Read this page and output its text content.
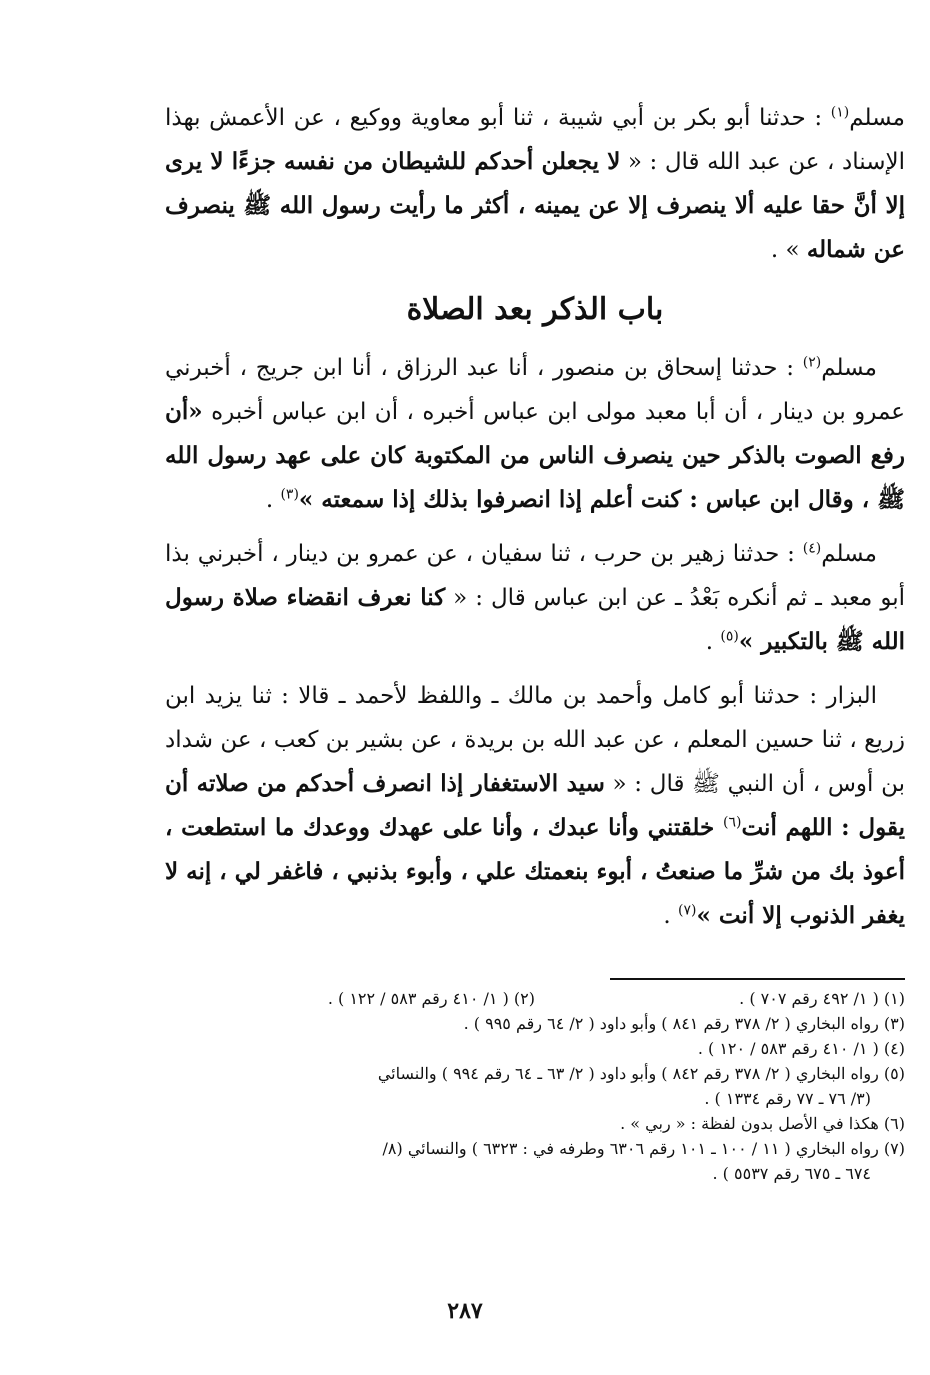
مسلم$^{(١)}$ : حدثنا أبو بكر بن أبي شيبة ، ثنا أبو معاوية ووكيع ، عن الأعمش بهذا الإسناد ، عن عبد الله قال : « لا يجعلن أحدكم للشيطان من نفسه جزءًا لا يرى إلا أنَّ حقا عليه ألا ينصرف إلا عن يمينه ، أكثر ما رأيت رسول الله ﷺ ينصرف عن شماله » .

باب الذكر بعد الصلاة

مسلم$^{(٢)}$ : حدثنا إسحاق بن منصور ، أنا عبد الرزاق ، أنا ابن جريج ، أخبرني عمرو بن دينار ، أن أبا معبد مولى ابن عباس أخبره ، أن ابن عباس أخبره «أن رفع الصوت بالذكر حين ينصرف الناس من المكتوبة كان على عهد رسول الله ﷺ ، وقال ابن عباس : كنت أعلم إذا انصرفوا بذلك إذا سمعته »$^{(٣)}$ .

مسلم$^{(٤)}$ : حدثنا زهير بن حرب ، ثنا سفيان ، عن عمرو بن دينار ، أخبرني بذا أبو معبد ـ ثم أنكره بَعْدُ ـ عن ابن عباس قال : « كنا نعرف انقضاء صلاة رسول الله ﷺ بالتكبير »$^{(٥)}$ .

البزار : حدثنا أبو كامل وأحمد بن مالك ـ واللفظ لأحمد ـ قالا : ثنا يزيد ابن زريع ، ثنا حسين المعلم ، عن عبد الله بن بريدة ، عن بشير بن كعب ، عن شداد بن أوس ، أن النبي ﷺ قال : « سيد الاستغفار إذا انصرف أحدكم من صلاته أن يقول : اللهم أنت$^{(٦)}$ خلقتني وأنا عبدك ، وأنا على عهدك ووعدك ما استطعت ، أعوذ بك من شرِّ ما صنعتُ ، أبوء بنعمتك علي ، وأبوء بذنبي ، فاغفر لي ، إنه لا يغفر الذنوب إلا أنت »$^{(٧)}$ .

(١) ( ١/ ٤٩٢ رقم ٧٠٧ ) .
(٢) ( ١/ ٤١٠ رقم ٥٨٣ / ١٢٢ ) .

(٣) رواه البخاري ( ٢/ ٣٧٨ رقم ٨٤١ ) وأبو داود ( ٢/ ٦٤ رقم ٩٩٥ ) .

(٤) ( ١/ ٤١٠ رقم ٥٨٣ / ١٢٠ ) .

(٥) رواه البخاري ( ٢/ ٣٧٨ رقم ٨٤٢ ) وأبو داود ( ٢/ ٦٣ ـ ٦٤ رقم ٩٩٤ ) والنسائي
(٣/ ٧٦ ـ ٧٧ رقم ١٣٣٤ ) .

(٦) هكذا في الأصل بدون لفظة : « ربي » .

(٧) رواه البخاري ( ١١ / ١٠٠ ـ ١٠١ رقم ٦٣٠٦ وطرفه في : ٦٣٢٣ ) والنسائي (٨/
٦٧٤ ـ ٦٧٥ رقم ٥٥٣٧ ) .

٢٨٧
